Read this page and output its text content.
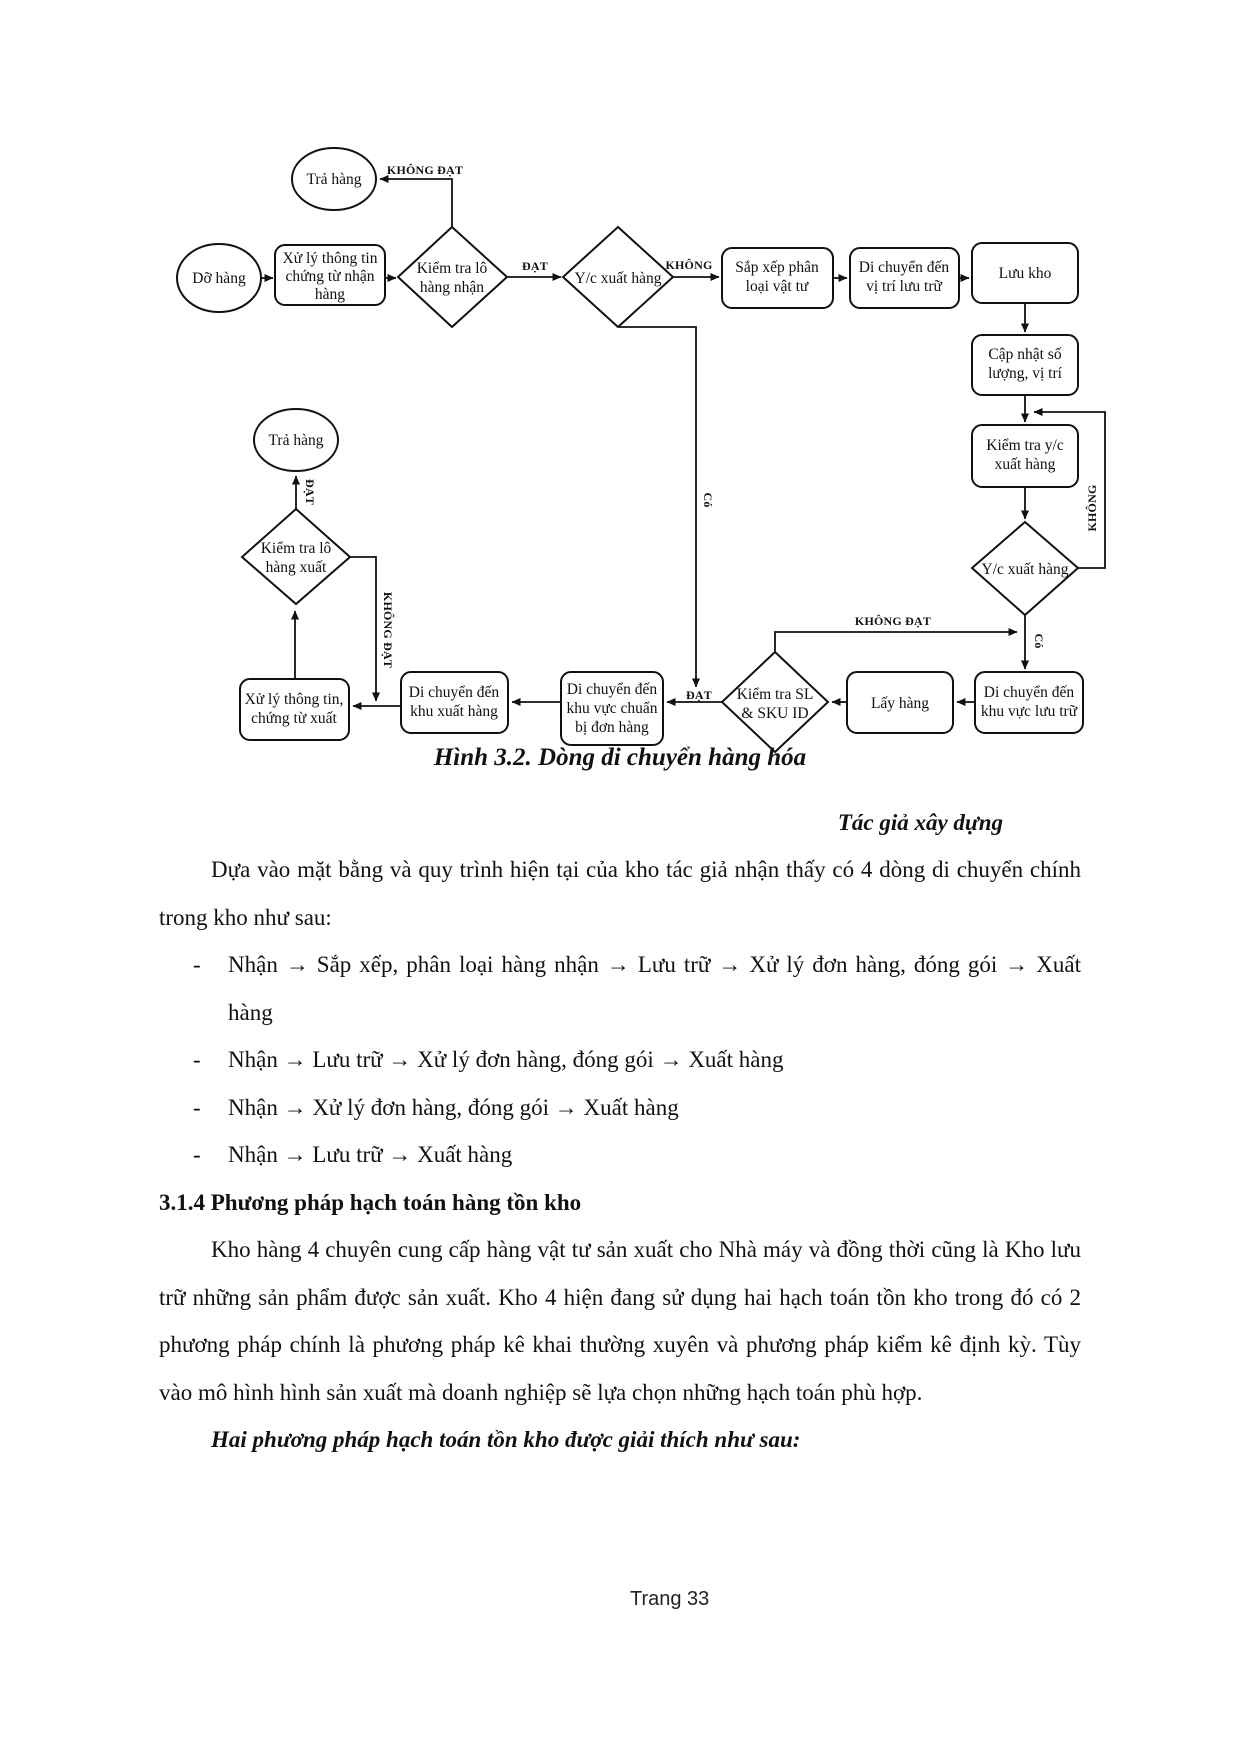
KHÔNG ĐẠT
ĐẠT	KHÔNG
Có	KHÔNG
Có
KHÔNG ĐẠT
ĐẠT
KHÔNG ĐẠT
ĐẠT
Dỡ hàng
Xử lý thông tin
chứng từ nhận
hàng
Kiểm tra lô
hàng nhận
Trả hàng
Y/c xuất hàng
Sắp xếp phân
loại vật tư
Di chuyển đến
vị trí lưu trữ
Lưu kho
Cập nhật số
lượng, vị trí
Kiểm tra y/c
xuất hàng
Y/c xuất hàng
Di chuyển đến
khu vực lưu trữ
Lấy hàng
Kiểm tra SL
& SKU ID
Di chuyển đến
khu vực chuẩn
bị đơn hàng
Di chuyển đến
khu xuất hàng
Xử lý thông tin,
chứng từ xuất
Kiểm tra lô
hàng xuất
Trả hàng
Hình 3.2. Dòng di chuyển hàng hóa
Tác giả xây dựng

Dựa vào mặt bằng và quy trình hiện tại của kho tác giả nhận thấy có 4 dòng di chuyển chính trong kho như sau:

- Nhận → Sắp xếp, phân loại hàng nhận → Lưu trữ → Xử lý đơn hàng, đóng gói → Xuất hàng
- Nhận → Lưu trữ → Xử lý đơn hàng, đóng gói → Xuất hàng
- Nhận → Xử lý đơn hàng, đóng gói → Xuất hàng
- Nhận → Lưu trữ → Xuất hàng

3.1.4 Phương pháp hạch toán hàng tồn kho

Kho hàng 4 chuyên cung cấp hàng vật tư sản xuất cho Nhà máy và đồng thời cũng là Kho lưu trữ những sản phẩm được sản xuất. Kho 4 hiện đang sử dụng hai hạch toán tồn kho trong đó có 2 phương pháp chính là phương pháp kê khai thường xuyên và phương pháp kiểm kê định kỳ. Tùy vào mô hình hình sản xuất mà doanh nghiệp sẽ lựa chọn những hạch toán phù hợp.

Hai phương pháp hạch toán tồn kho được giải thích như sau:

Trang 33
